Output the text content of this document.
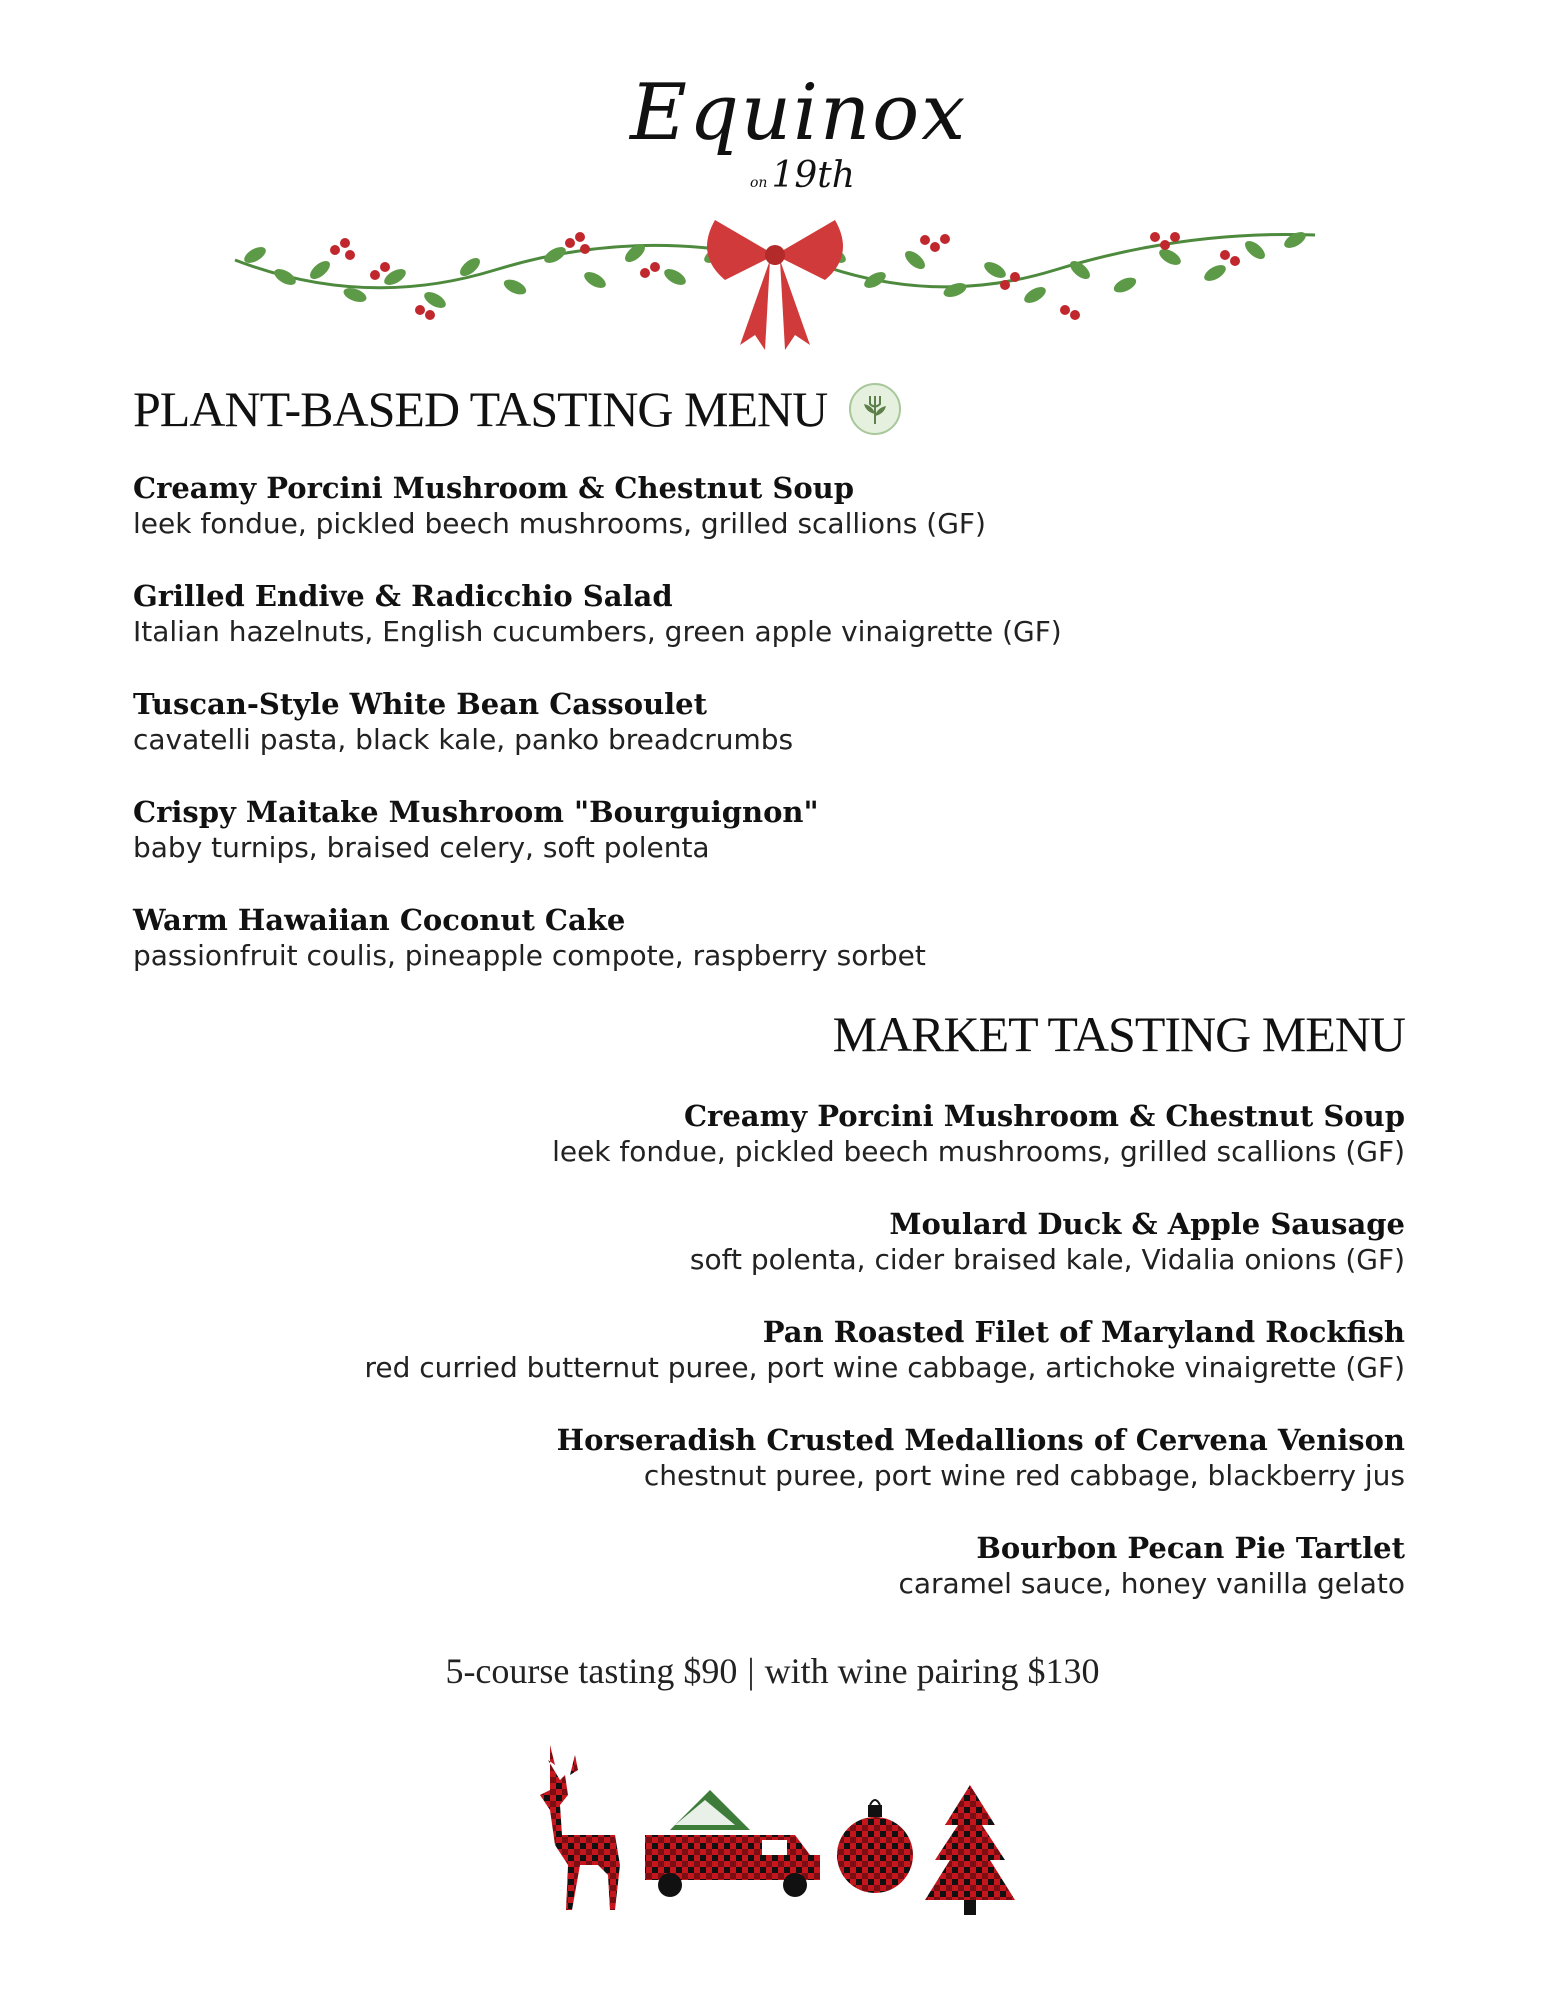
Equinox
on 19th
PLANT-BASED TASTING MENU
Creamy Porcini Mushroom & Chestnut Soup
leek fondue, pickled beech mushrooms, grilled scallions (GF)
Grilled Endive & Radicchio Salad
Italian hazelnuts, English cucumbers, green apple vinaigrette (GF)
Tuscan-Style White Bean Cassoulet
cavatelli pasta, black kale, panko breadcrumbs
Crispy Maitake Mushroom "Bourguignon"
baby turnips, braised celery, soft polenta
Warm Hawaiian Coconut Cake
passionfruit coulis, pineapple compote, raspberry sorbet
MARKET TASTING MENU
Creamy Porcini Mushroom & Chestnut Soup
leek fondue, pickled beech mushrooms, grilled scallions (GF)
Moulard Duck & Apple Sausage
soft polenta, cider braised kale, Vidalia onions (GF)
Pan Roasted Filet of Maryland Rockfish
red curried butternut puree, port wine cabbage, artichoke vinaigrette (GF)
Horseradish Crusted Medallions of Cervena Venison
chestnut puree, port wine red cabbage, blackberry jus
Bourbon Pecan Pie Tartlet
caramel sauce, honey vanilla gelato
5-course tasting $90 | with wine pairing $130
